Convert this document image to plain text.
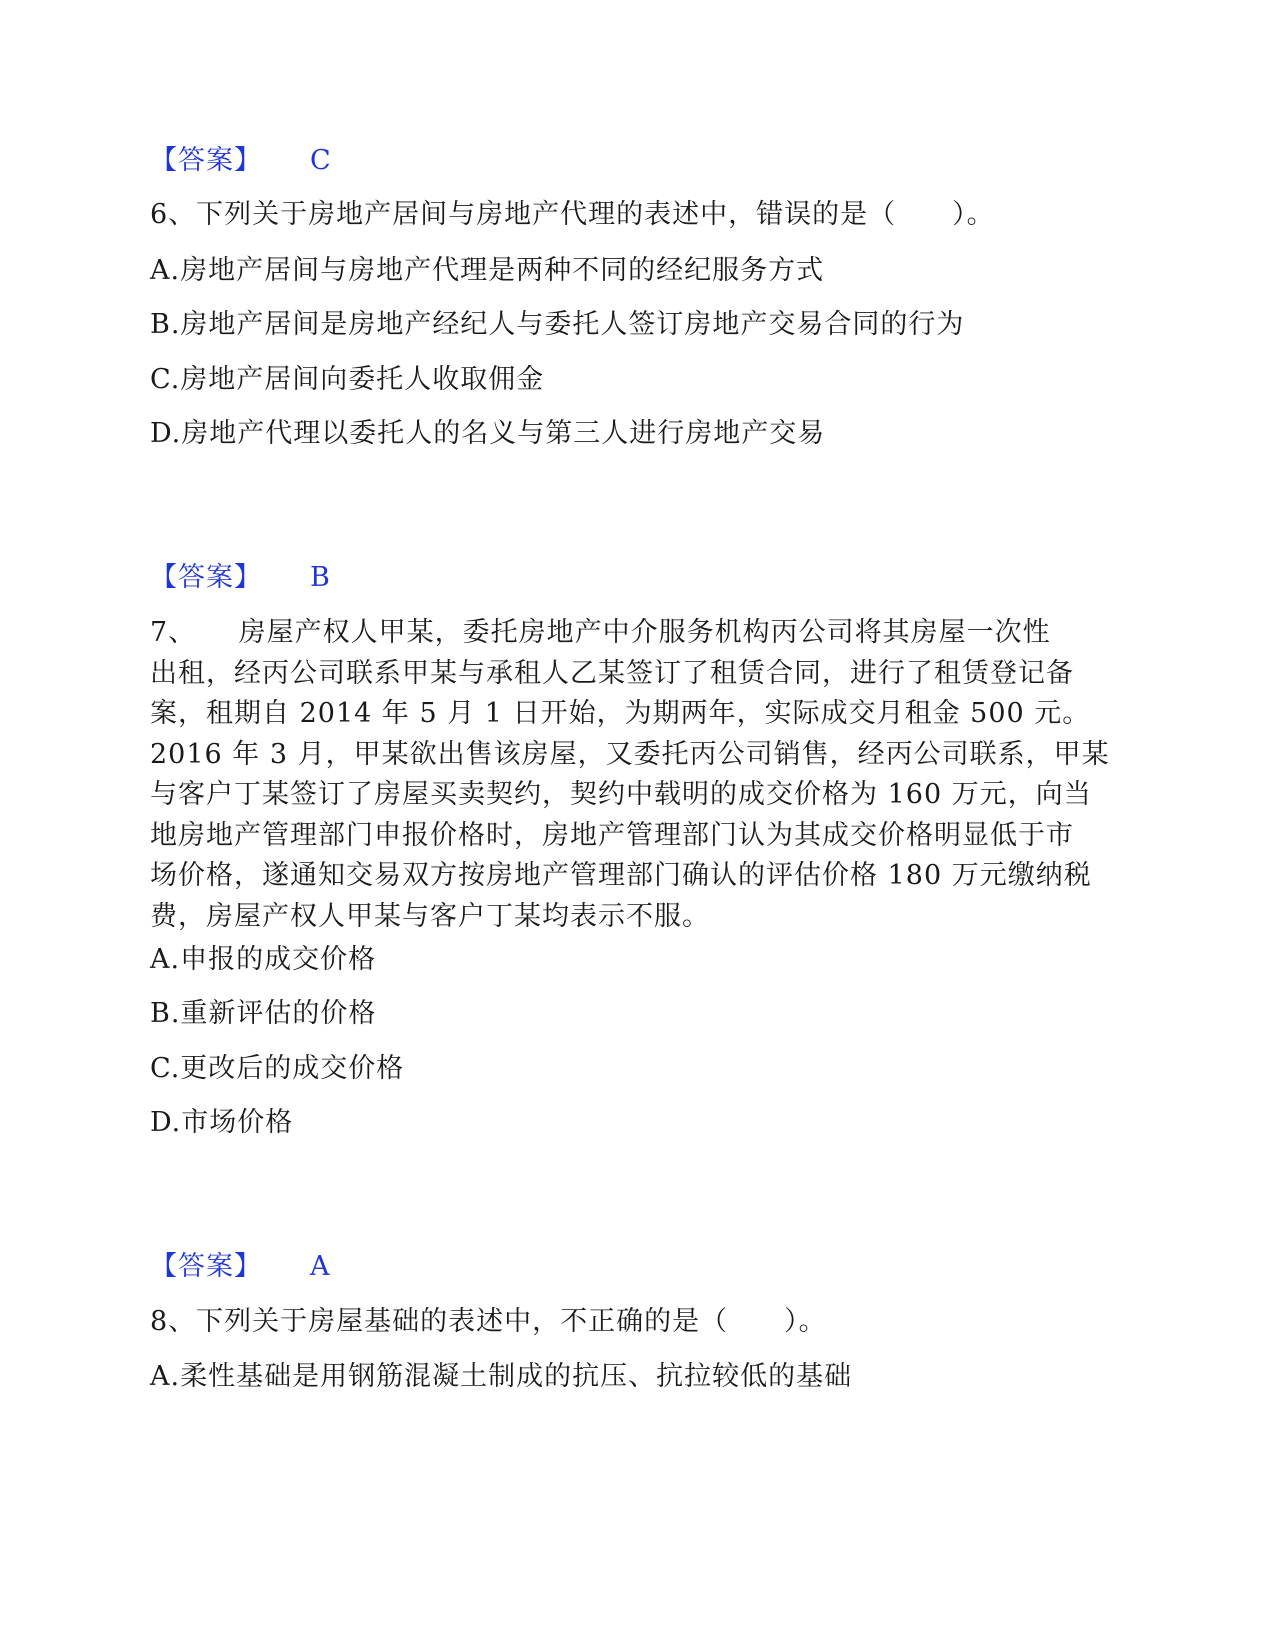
【答案】 C
6、下列关于房地产居间与房地产代理的表述中，错误的是（　　）。
A.房地产居间与房地产代理是两种不同的经纪服务方式
B.房地产居间是房地产经纪人与委托人签订房地产交易合同的行为
C.房地产居间向委托人收取佣金
D.房地产代理以委托人的名义与第三人进行房地产交易
【答案】 B
7、　　房屋产权人甲某，委托房地产中介服务机构丙公司将其房屋一次性
出租，经丙公司联系甲某与承租人乙某签订了租赁合同，进行了租赁登记备
案，租期自 2014 年 5 月 1 日开始，为期两年，实际成交月租金 500 元。
2016 年 3 月，甲某欲出售该房屋，又委托丙公司销售，经丙公司联系，甲某
与客户丁某签订了房屋买卖契约，契约中载明的成交价格为 160 万元，向当
地房地产管理部门申报价格时，房地产管理部门认为其成交价格明显低于市
场价格，遂通知交易双方按房地产管理部门确认的评估价格 180 万元缴纳税
费，房屋产权人甲某与客户丁某均表示不服。
A.申报的成交价格
B.重新评估的价格
C.更改后的成交价格
D.市场价格
【答案】 A
8、下列关于房屋基础的表述中，不正确的是（　　）。
A.柔性基础是用钢筋混凝土制成的抗压、抗拉较低的基础
